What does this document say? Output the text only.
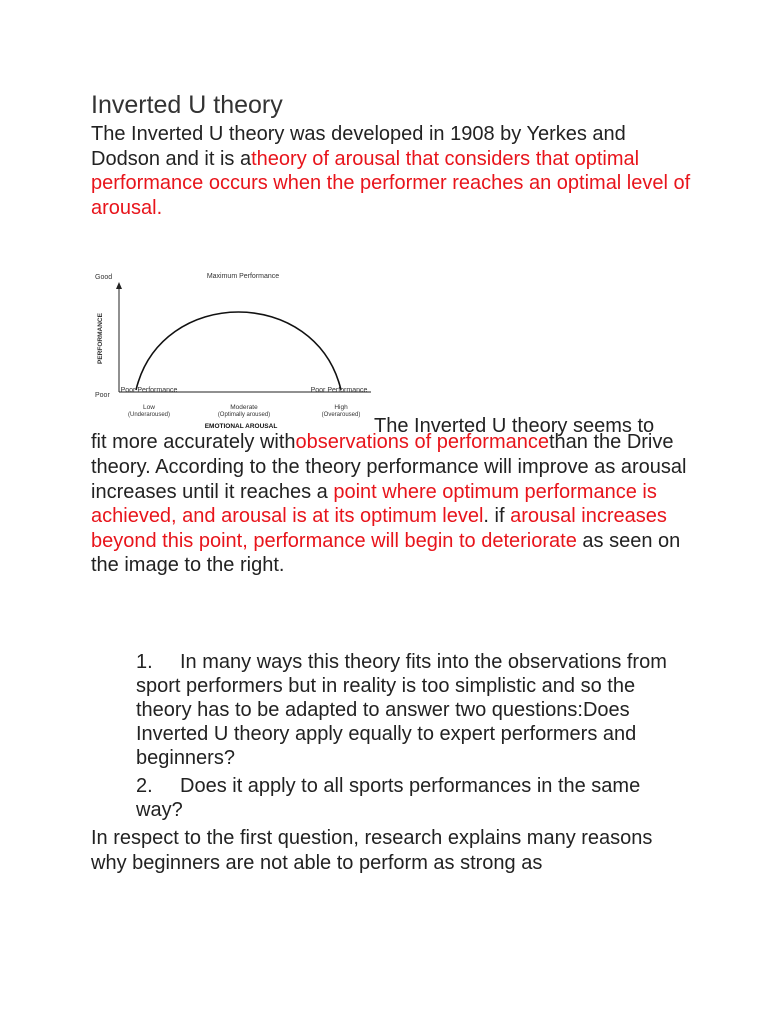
Inverted U theory

The Inverted U theory was developed in 1908 by Yerkes and Dodson and it is atheory of arousal that considers that optimal performance occurs when the performer reaches an optimal level of arousal.

Good
Poor
PERFORMANCE
Maximum Performance
Poor Performance	Poor Performance
Low
(Underaroused)
Moderate
(Optimally aroused)
High
(Overaroused)
EMOTIONAL AROUSAL	The Inverted U theory seems to

fit more accurately withobservations of performancethan the Drive theory. According to the theory performance will improve as arousal increases until it reaches a point where optimum performance is achieved, and arousal is at its optimum level. if arousal increases beyond this point, performance will begin to deteriorate as seen on the image to the right.

1. In many ways this theory fits into the observations from sport performers but in reality is too simplistic and so the theory has to be adapted to answer two questions:Does Inverted U theory apply equally to expert performers and beginners?
2. Does it apply to all sports performances in the same way?

In respect to the first question, research explains many reasons why beginners are not able to perform as strong as
